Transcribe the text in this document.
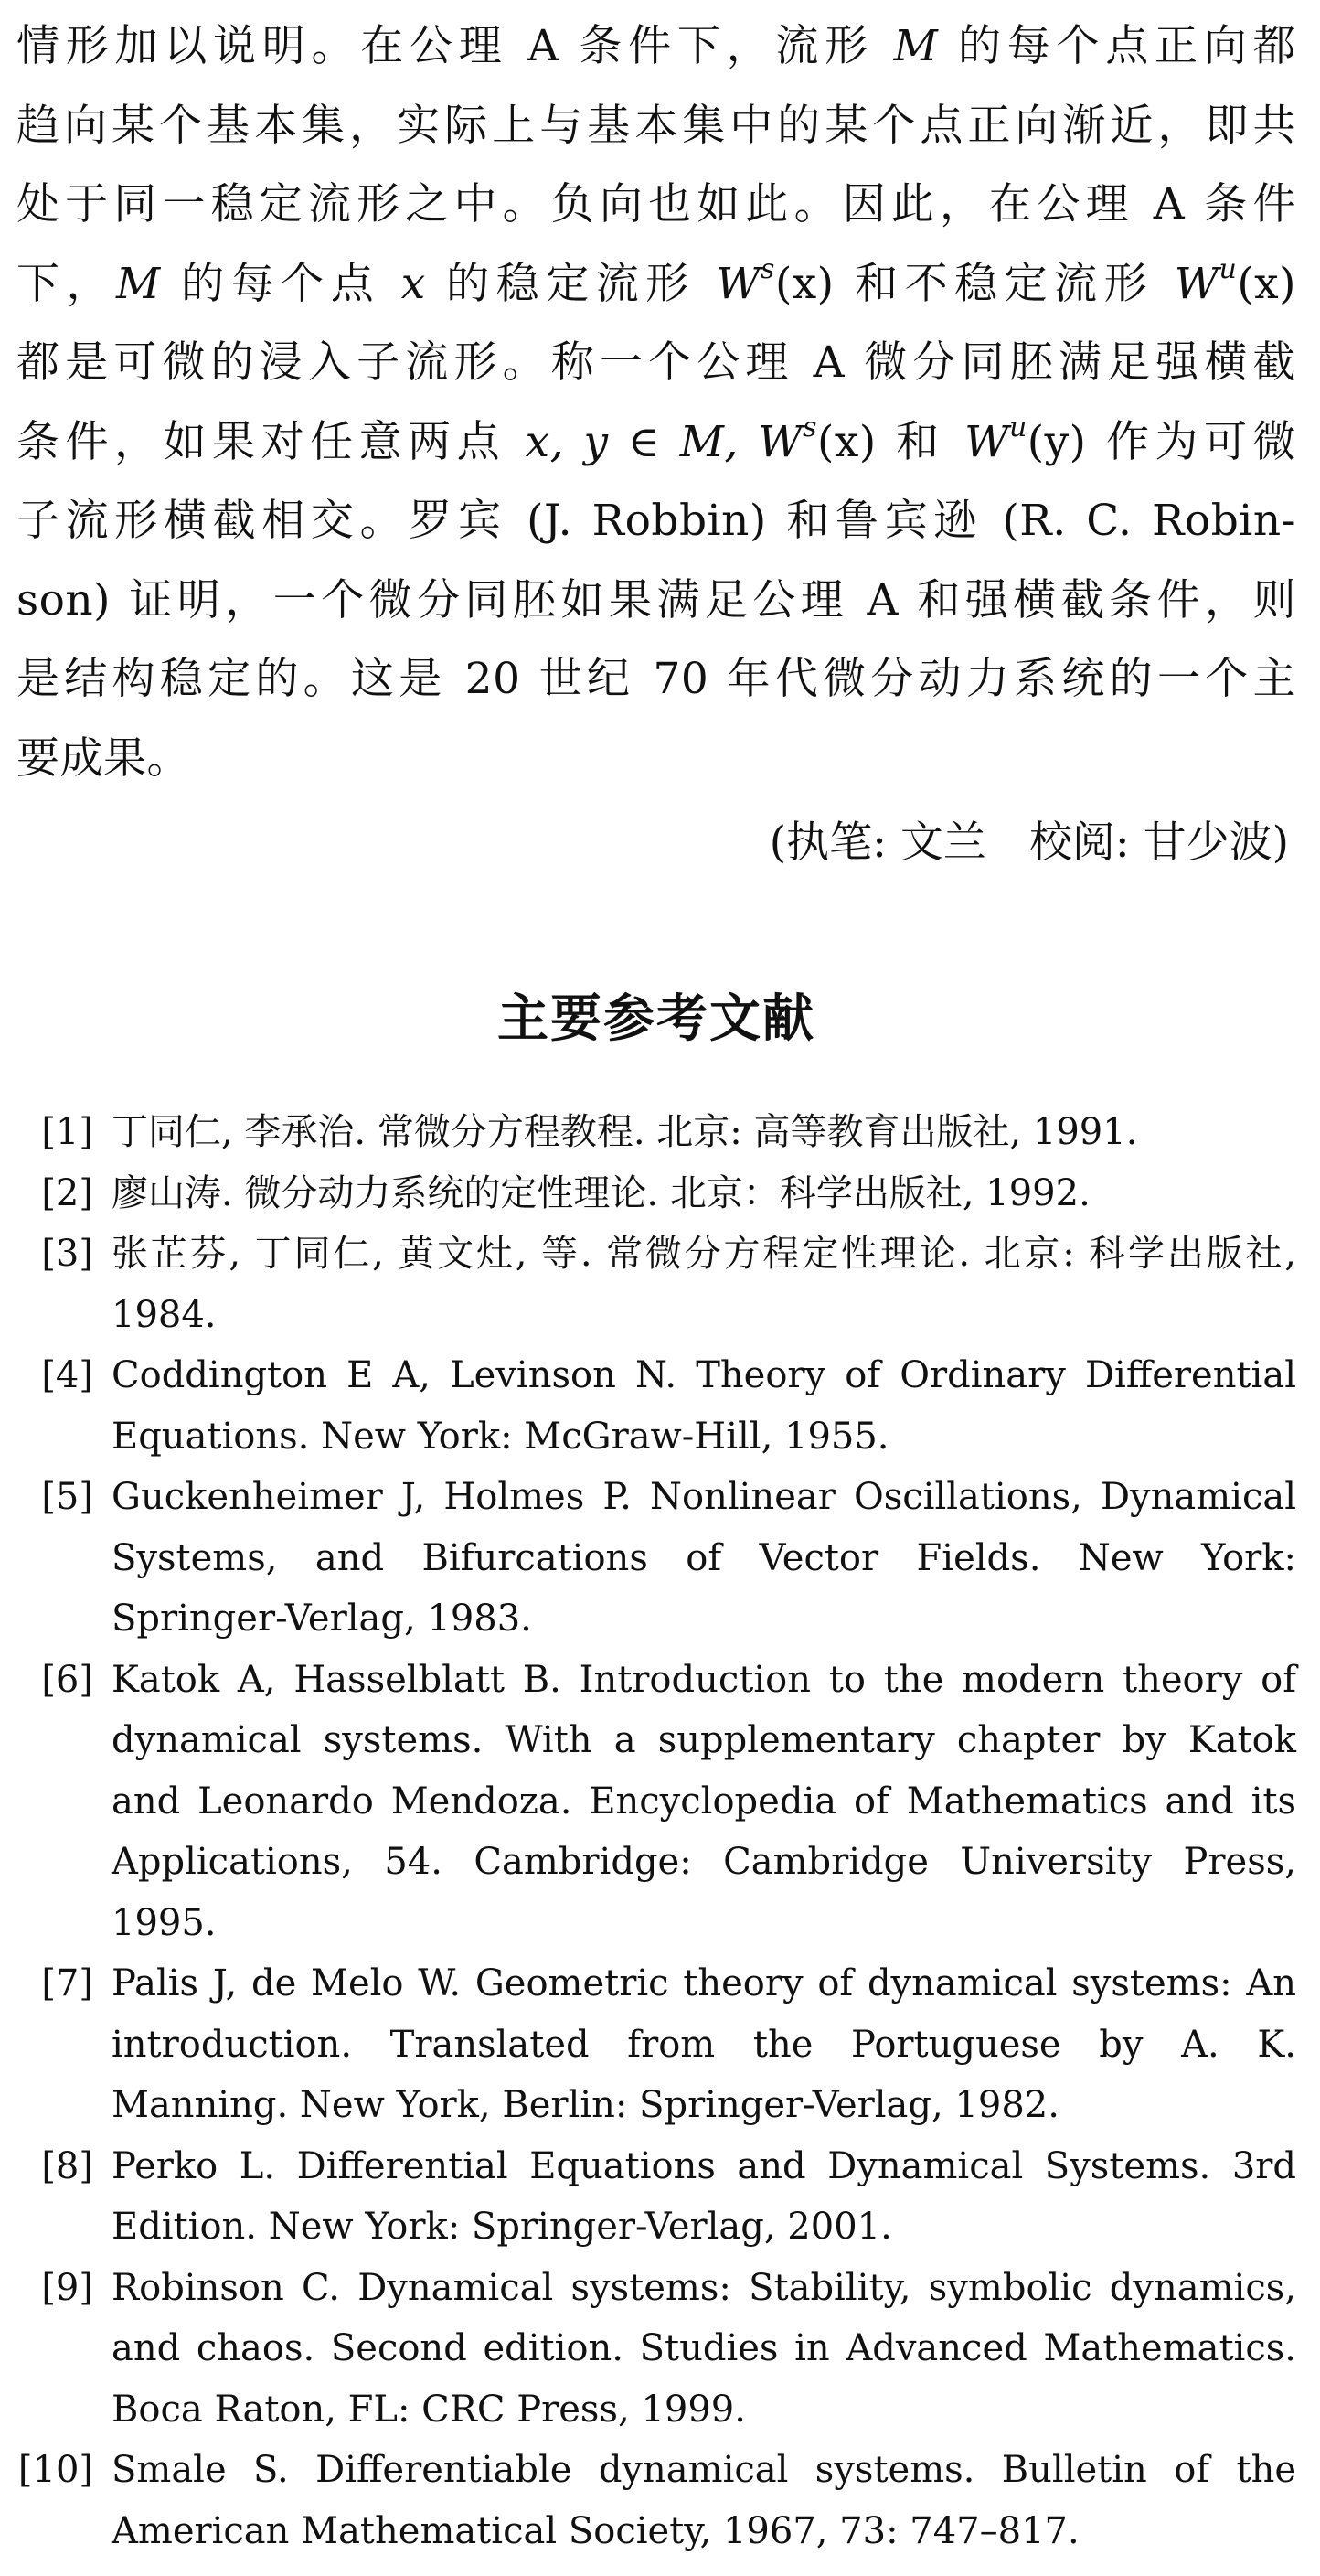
情形加以说明。在公理 A 条件下，流形 M 的每个点正向都
趋向某个基本集，实际上与基本集中的某个点正向渐近，即共
处于同一稳定流形之中。负向也如此。因此，在公理 A 条件
下，M 的每个点 x 的稳定流形 $W^s(x)$ 和不稳定流形 $W^u(x)$
都是可微的浸入子流形。称一个公理 A 微分同胚满足强横截
条件，如果对任意两点 x, y ∈ M, $W^s(x)$ 和 $W^u(y)$ 作为可微
子流形横截相交。罗宾 (J. Robbin) 和鲁宾逊 (R. C. Robin-
son) 证明，一个微分同胚如果满足公理 A 和强横截条件，则
是结构稳定的。这是 20 世纪 70 年代微分动力系统的一个主
要成果。
(执笔: 文兰　校阅: 甘少波)
主要参考文献
[1] 丁同仁, 李承治. 常微分方程教程. 北京: 高等教育出版社, 1991.
[2] 廖山涛. 微分动力系统的定性理论. 北京：科学出版社, 1992.
[3] 张芷芬, 丁同仁, 黄文灶, 等. 常微分方程定性理论. 北京: 科学出版社, 1984.
[4] Coddington E A, Levinson N. Theory of Ordinary Differential Equations. New York: McGraw-Hill, 1955.
[5] Guckenheimer J, Holmes P. Nonlinear Oscillations, Dynamical Systems, and Bifurcations of Vector Fields. New York: Springer-Verlag, 1983.
[6] Katok A, Hasselblatt B. Introduction to the modern theory of dynamical systems. With a supplementary chapter by Katok and Leonardo Mendoza. Encyclopedia of Mathematics and its Applications, 54. Cambridge: Cambridge University Press, 1995.
[7] Palis J, de Melo W. Geometric theory of dynamical systems: An introduction. Translated from the Portuguese by A. K. Manning. New York, Berlin: Springer-Verlag, 1982.
[8] Perko L. Differential Equations and Dynamical Systems. 3rd Edition. New York: Springer-Verlag, 2001.
[9] Robinson C. Dynamical systems: Stability, symbolic dynamics, and chaos. Second edition. Studies in Advanced Mathematics. Boca Raton, FL: CRC Press, 1999.
[10] Smale S. Differentiable dynamical systems. Bulletin of the American Mathematical Society, 1967, 73: 747–817.
